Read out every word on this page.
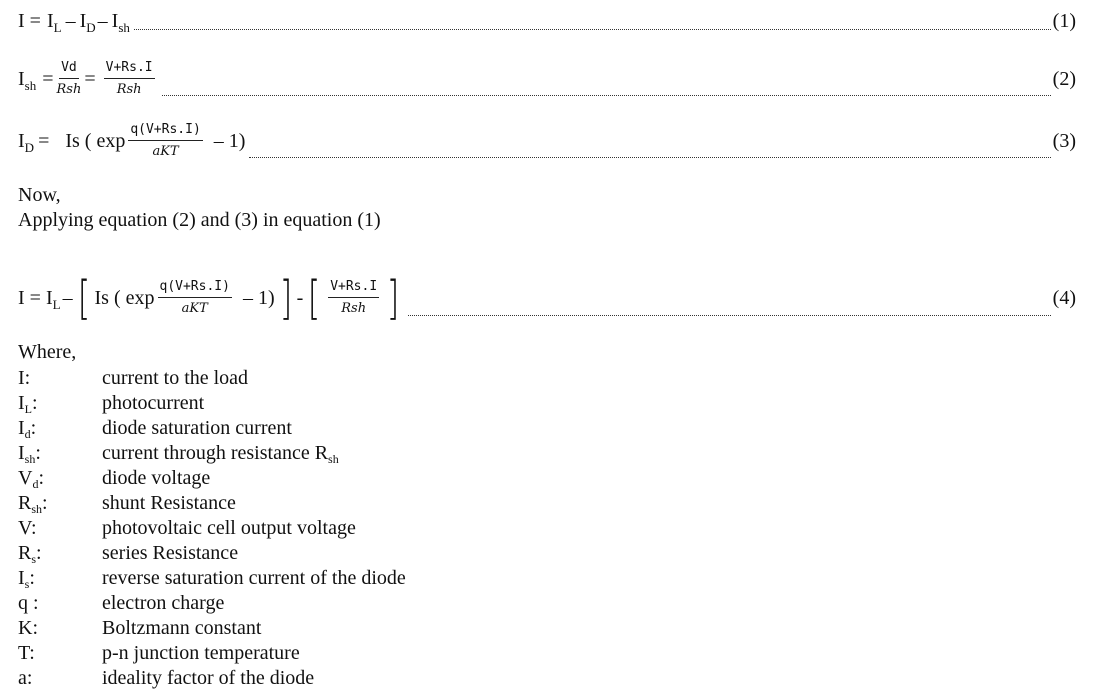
$I = I_L - I_D - I_{sh}$	(1)
$I_{sh} = \frac{Vd}{\text{Rsh}} = \frac{V+Rs.I}{\text{Rsh}}$	(2)
$I_D = Is$ ( $\exp \frac{q(V+Rs.I)}{\text{aKT}} - 1$)	(3)
Now,
Applying equation (2) and (3) in equation (1)
$I = I_L$ – [ Is ( $\exp \frac{q(V+Rs.I)}{\text{aKT}} - 1$) ] - [ $\frac{V+Rs.I}{\text{Rsh}}$ ]	(4)
Where,
I:	current to the load
$I_L$:	photocurrent
$I_d$:	diode saturation current
$I_{sh}$:	current through resistance $R_{sh}$
$V_d$:	diode voltage
$R_{sh}$:	shunt Resistance
V:	photovoltaic cell output voltage
$R_s$:	series Resistance
$I_s$:	reverse saturation current of the diode
q :	electron charge
K:	Boltzmann constant
T:	p-n junction temperature
a:	ideality factor of the diode
